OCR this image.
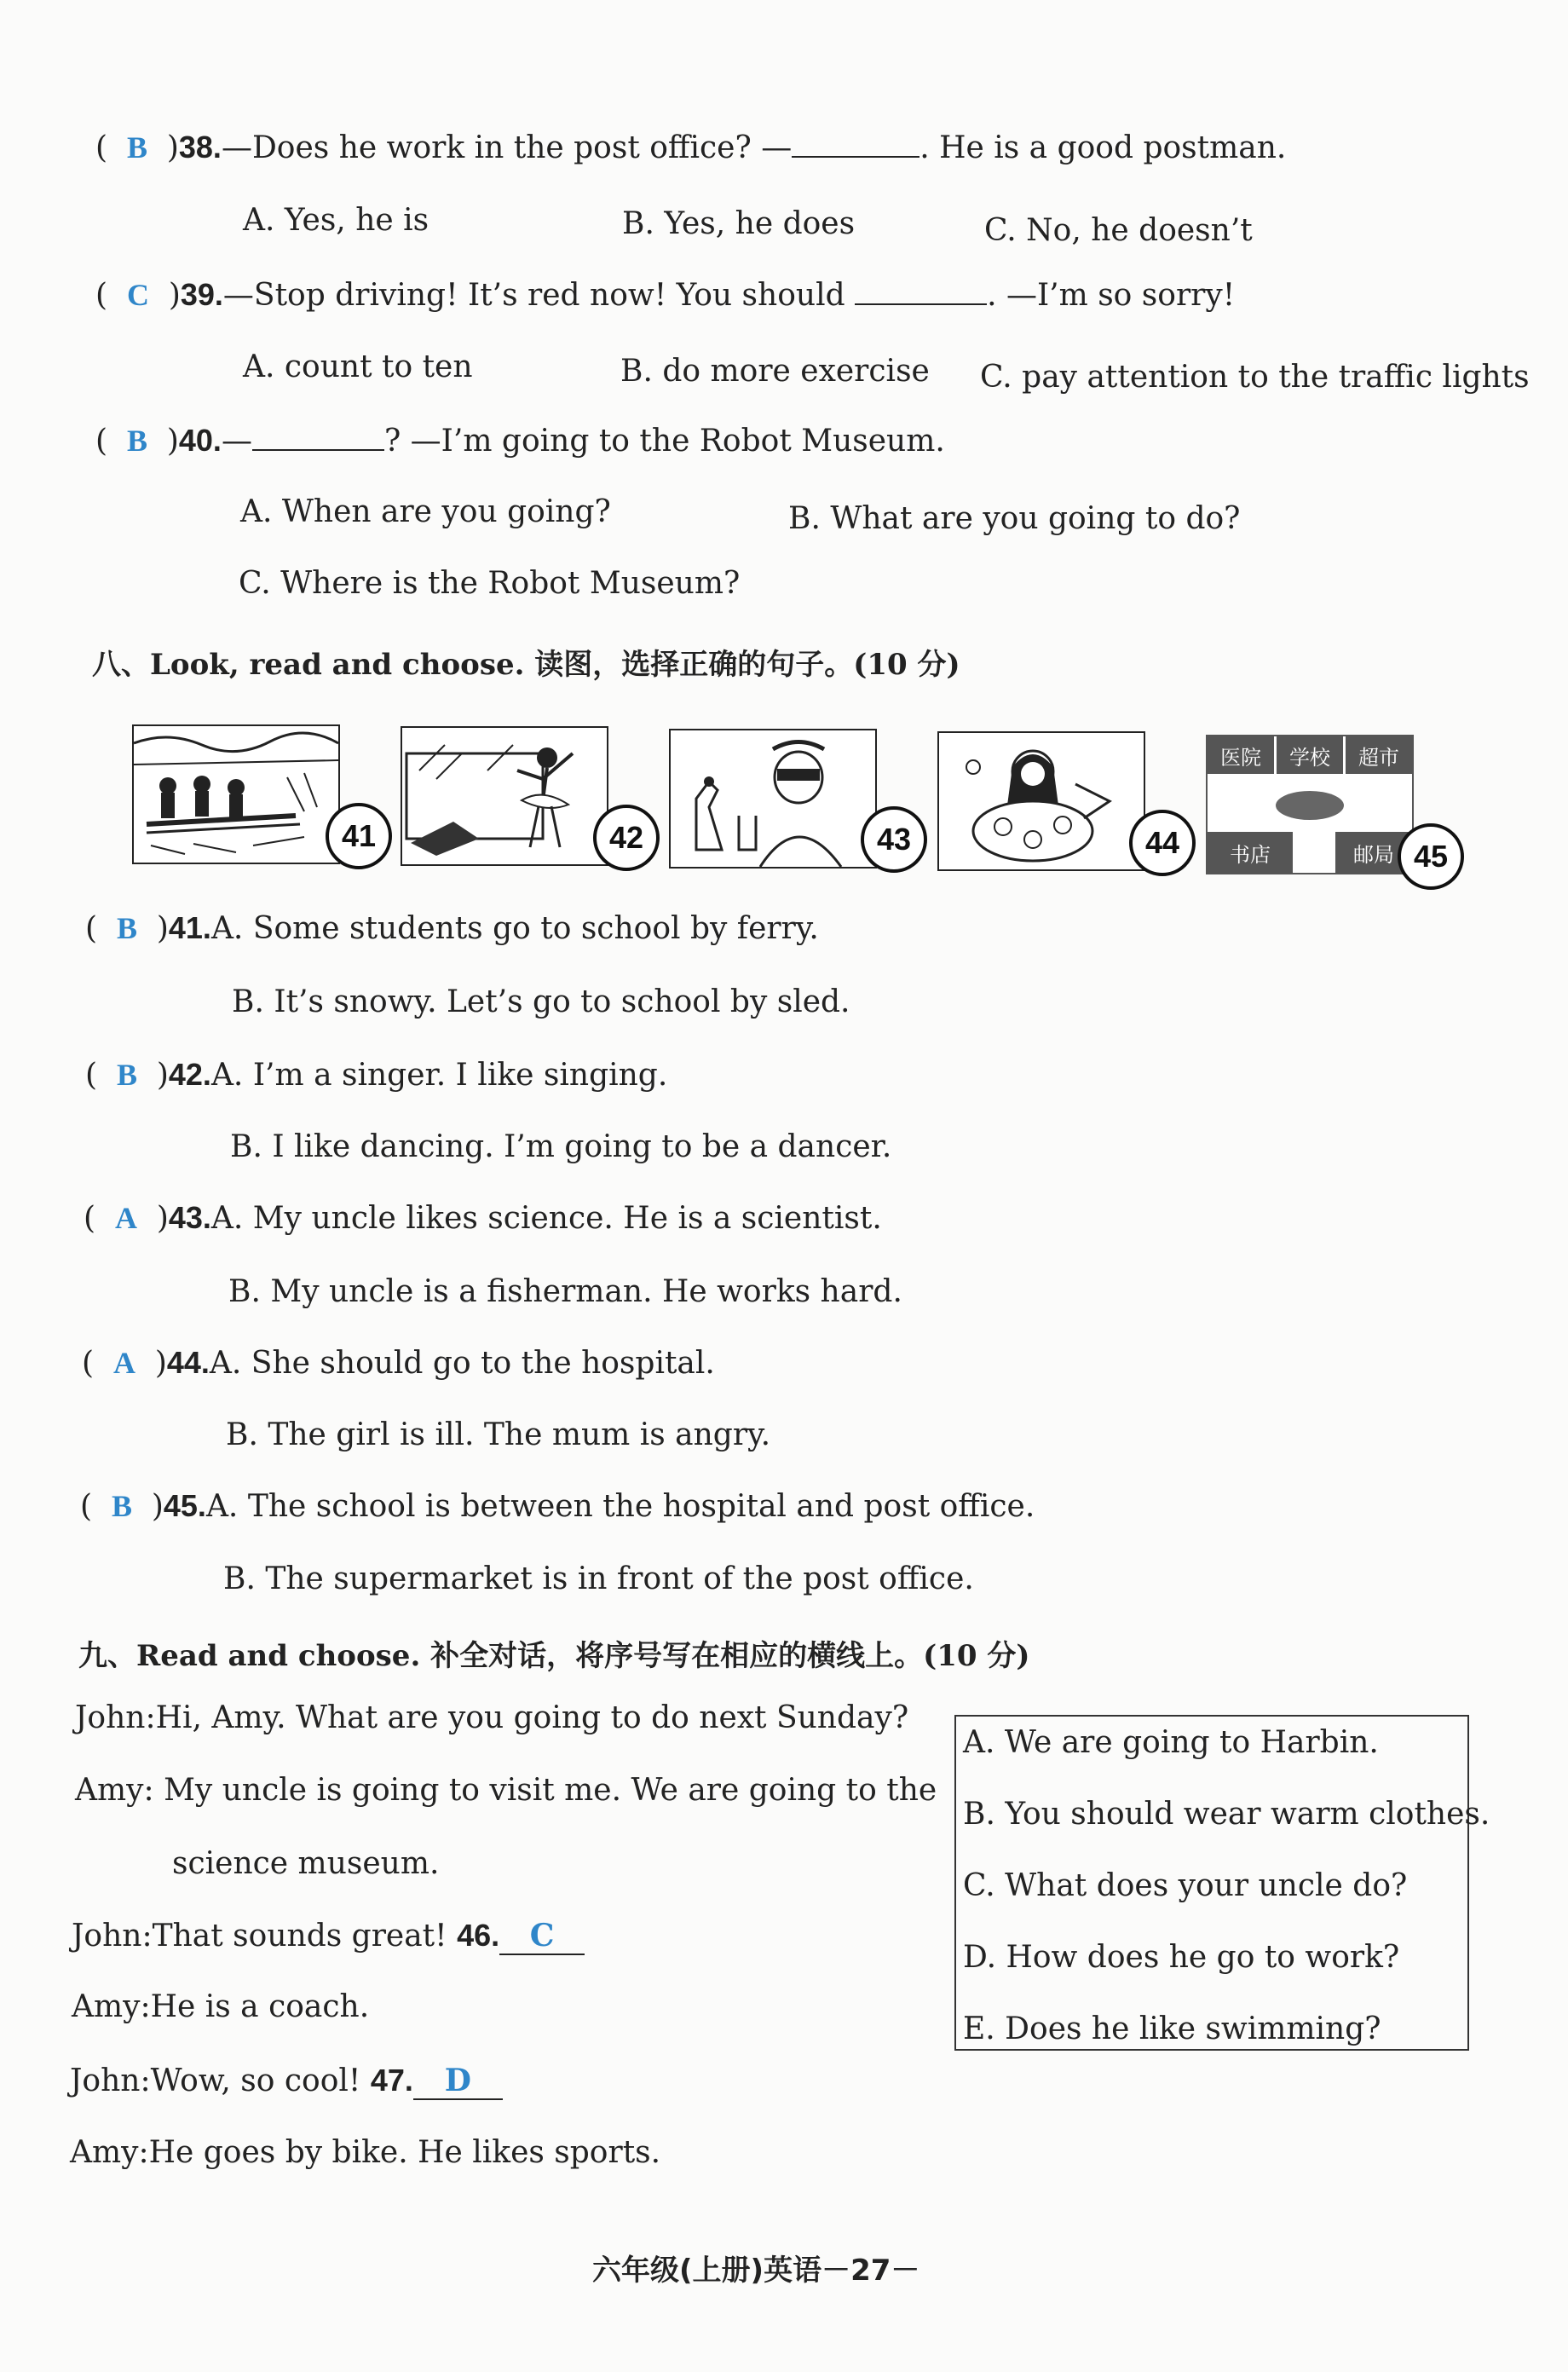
(  B  )38.—Does he work in the post office? —	. He is a good postman.
A. Yes, he is	B. Yes, he does	C. No, he doesn’t
(  C  )39.—Stop driving! It’s red now! You should	. —I’m so sorry!
A. count to ten	B. do more exercise C. pay attention to the traffic lights
(  B  )40.—	? —I’m going to the Robot Museum.
A. When are you going?	B. What are you going to do?
C. Where is the Robot Museum?
八、Look, read and choose. 读图，选择正确的句子。(10 分)
41	42	43	44
医院	学校	超市
书店	邮局 45
(  B  )41.A. Some students go to school by ferry.
B. It’s snowy. Let’s go to school by sled.
(  B  )42.A. I’m a singer. I like singing.
B. I like dancing. I’m going to be a dancer.
(  A  )43.A. My uncle likes science. He is a scientist.
B. My uncle is a fisherman. He works hard.
(  A  )44.A. She should go to the hospital.
B. The girl is ill. The mum is angry.
(  B  )45.A. The school is between the hospital and post office.
B. The supermarket is in front of the post office.
九、Read and choose. 补全对话，将序号写在相应的横线上。(10 分)
John:Hi, Amy. What are you going to do next Sunday?
Amy: My uncle is going to visit me. We are going to the
science museum.
John:That sounds great! 46. C
Amy:He is a coach.
John:Wow, so cool! 47. D
Amy:He goes by bike. He likes sports.
A. We are going to Harbin.
B. You should wear warm clothes.
C. What does your uncle do?
D. How does he go to work?
E. Does he like swimming?
六年级(上册)英语－27－
